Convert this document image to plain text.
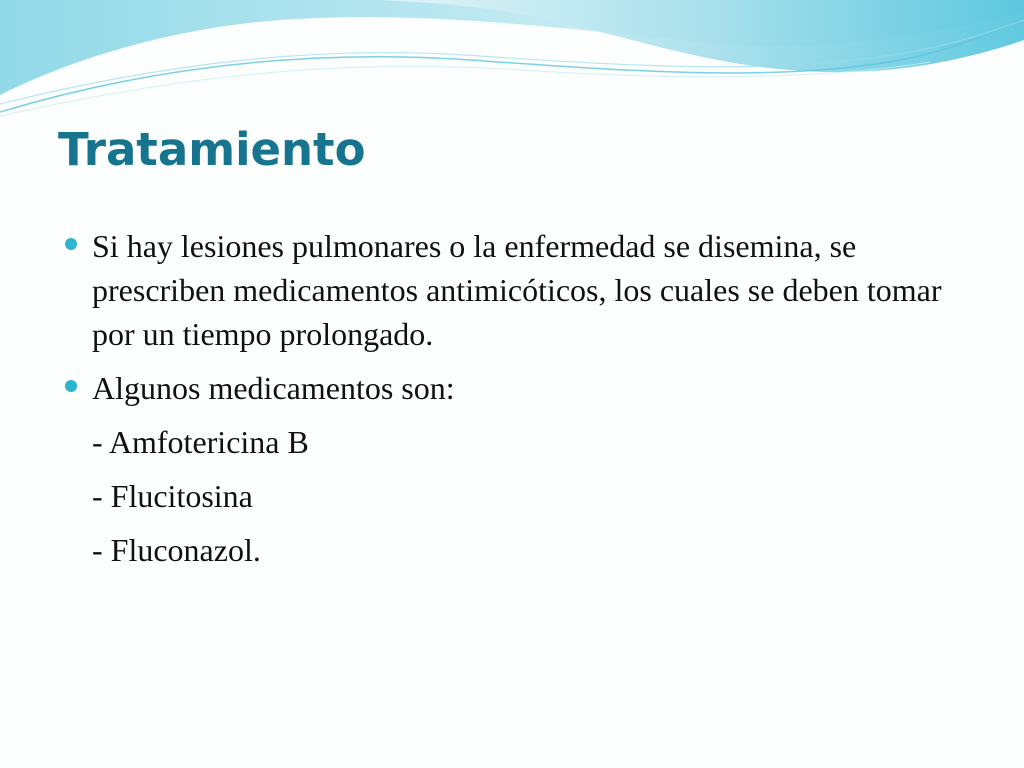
Tratamiento
Si hay lesiones pulmonares o la enfermedad se disemina, se prescriben medicamentos antimicóticos, los cuales se deben tomar por un tiempo prolongado.
Algunos medicamentos son:
- Amfotericina B
- Flucitosina
- Fluconazol.
